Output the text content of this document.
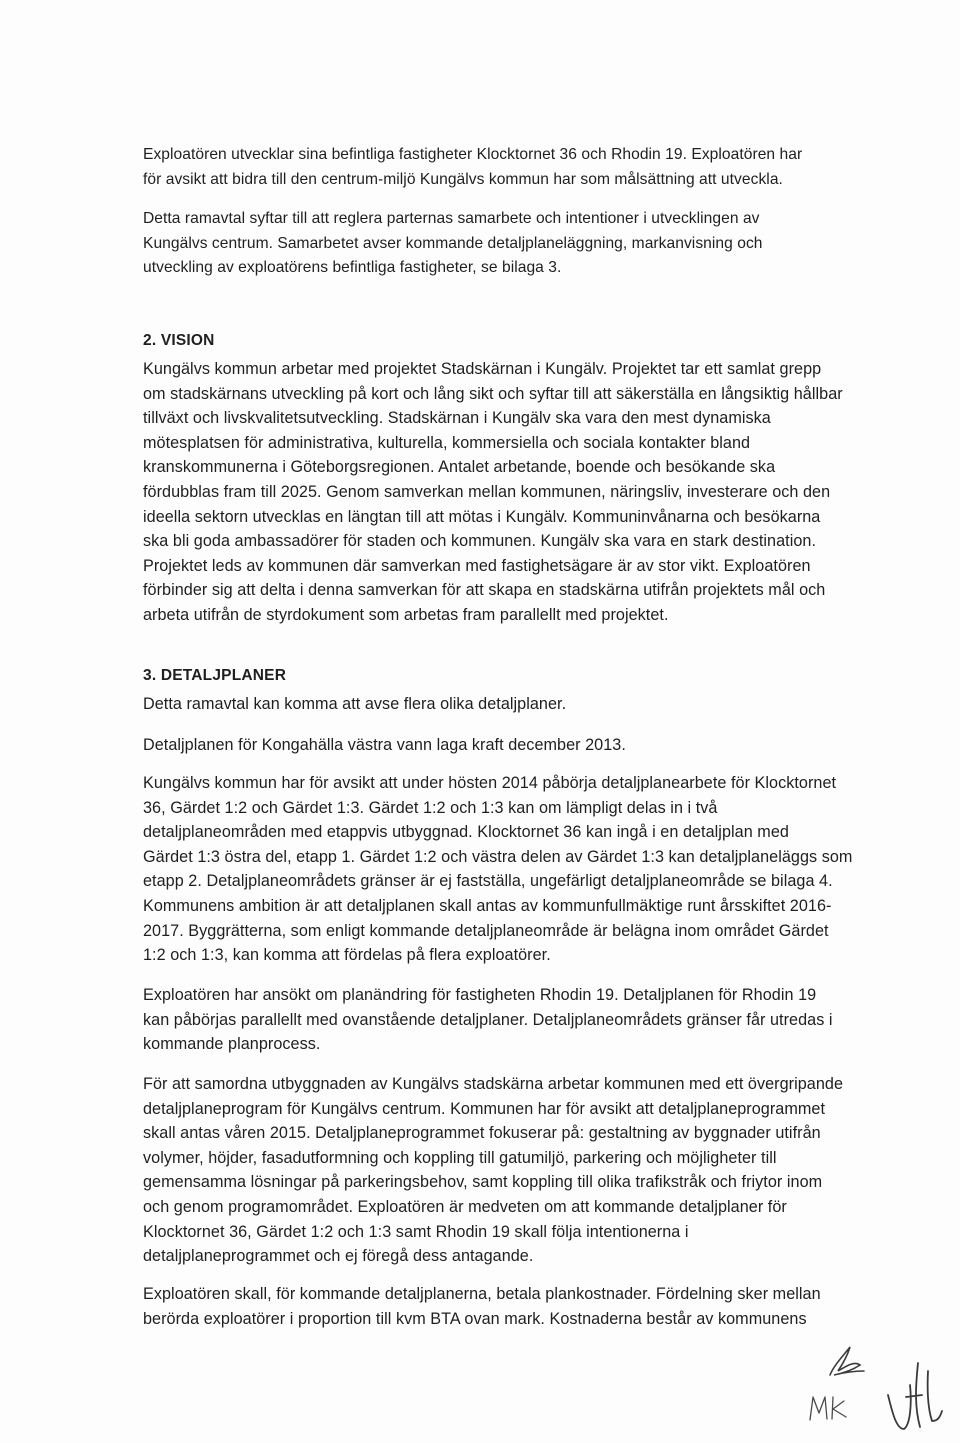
Exploatören utvecklar sina befintliga fastigheter Klocktornet 36 och Rhodin 19. Exploatören har
för avsikt att bidra till den centrum-miljö Kungälvs kommun har som målsättning att utveckla.

Detta ramavtal syftar till att reglera parternas samarbete och intentioner i utvecklingen av
Kungälvs centrum. Samarbetet avser kommande detaljplaneläggning, markanvisning och
utveckling av exploatörens befintliga fastigheter, se bilaga 3.

2. VISION

Kungälvs kommun arbetar med projektet Stadskärnan i Kungälv. Projektet tar ett samlat grepp
om stadskärnans utveckling på kort och lång sikt och syftar till att säkerställa en långsiktig hållbar
tillväxt och livskvalitetsutveckling. Stadskärnan i Kungälv ska vara den mest dynamiska
mötesplatsen för administrativa, kulturella, kommersiella och sociala kontakter bland
kranskommunerna i Göteborgsregionen. Antalet arbetande, boende och besökande ska
fördubblas fram till 2025. Genom samverkan mellan kommunen, näringsliv, investerare och den
ideella sektorn utvecklas en längtan till att mötas i Kungälv. Kommuninvånarna och besökarna
ska bli goda ambassadörer för staden och kommunen. Kungälv ska vara en stark destination.
Projektet leds av kommunen där samverkan med fastighetsägare är av stor vikt. Exploatören
förbinder sig att delta i denna samverkan för att skapa en stadskärna utifrån projektets mål och
arbeta utifrån de styrdokument som arbetas fram parallellt med projektet.

3. DETALJPLANER

Detta ramavtal kan komma att avse flera olika detaljplaner.

Detaljplanen för Kongahälla västra vann laga kraft december 2013.

Kungälvs kommun har för avsikt att under hösten 2014 påbörja detaljplanearbete för Klocktornet
36, Gärdet 1:2 och Gärdet 1:3. Gärdet 1:2 och 1:3 kan om lämpligt delas in i två
detaljplaneområden med etappvis utbyggnad. Klocktornet 36 kan ingå i en detaljplan med
Gärdet 1:3 östra del, etapp 1. Gärdet 1:2 och västra delen av Gärdet 1:3 kan detaljplaneläggs som
etapp 2. Detaljplaneområdets gränser är ej fastställa, ungefärligt detaljplaneområde se bilaga 4.
Kommunens ambition är att detaljplanen skall antas av kommunfullmäktige runt årsskiftet 2016-
2017. Byggrätterna, som enligt kommande detaljplaneområde är belägna inom området Gärdet
1:2 och 1:3, kan komma att fördelas på flera exploatörer.

Exploatören har ansökt om planändring för fastigheten Rhodin 19. Detaljplanen för Rhodin 19
kan påbörjas parallellt med ovanstående detaljplaner. Detaljplaneområdets gränser får utredas i
kommande planprocess.

För att samordna utbyggnaden av Kungälvs stadskärna arbetar kommunen med ett övergripande
detaljplaneprogram för Kungälvs centrum. Kommunen har för avsikt att detaljplaneprogrammet
skall antas våren 2015. Detaljplaneprogrammet fokuserar på: gestaltning av byggnader utifrån
volymer, höjder, fasadutformning och koppling till gatumiljö, parkering och möjligheter till
gemensamma lösningar på parkeringsbehov, samt koppling till olika trafikstråk och friytor inom
och genom programområdet. Exploatören är medveten om att kommande detaljplaner för
Klocktornet 36, Gärdet 1:2 och 1:3 samt Rhodin 19 skall följa intentionerna i
detaljplaneprogrammet och ej föregå dess antagande.

Exploatören skall, för kommande detaljplanerna, betala plankostnader. Fördelning sker mellan
berörda exploatörer i proportion till kvm BTA ovan mark. Kostnaderna består av kommunens
